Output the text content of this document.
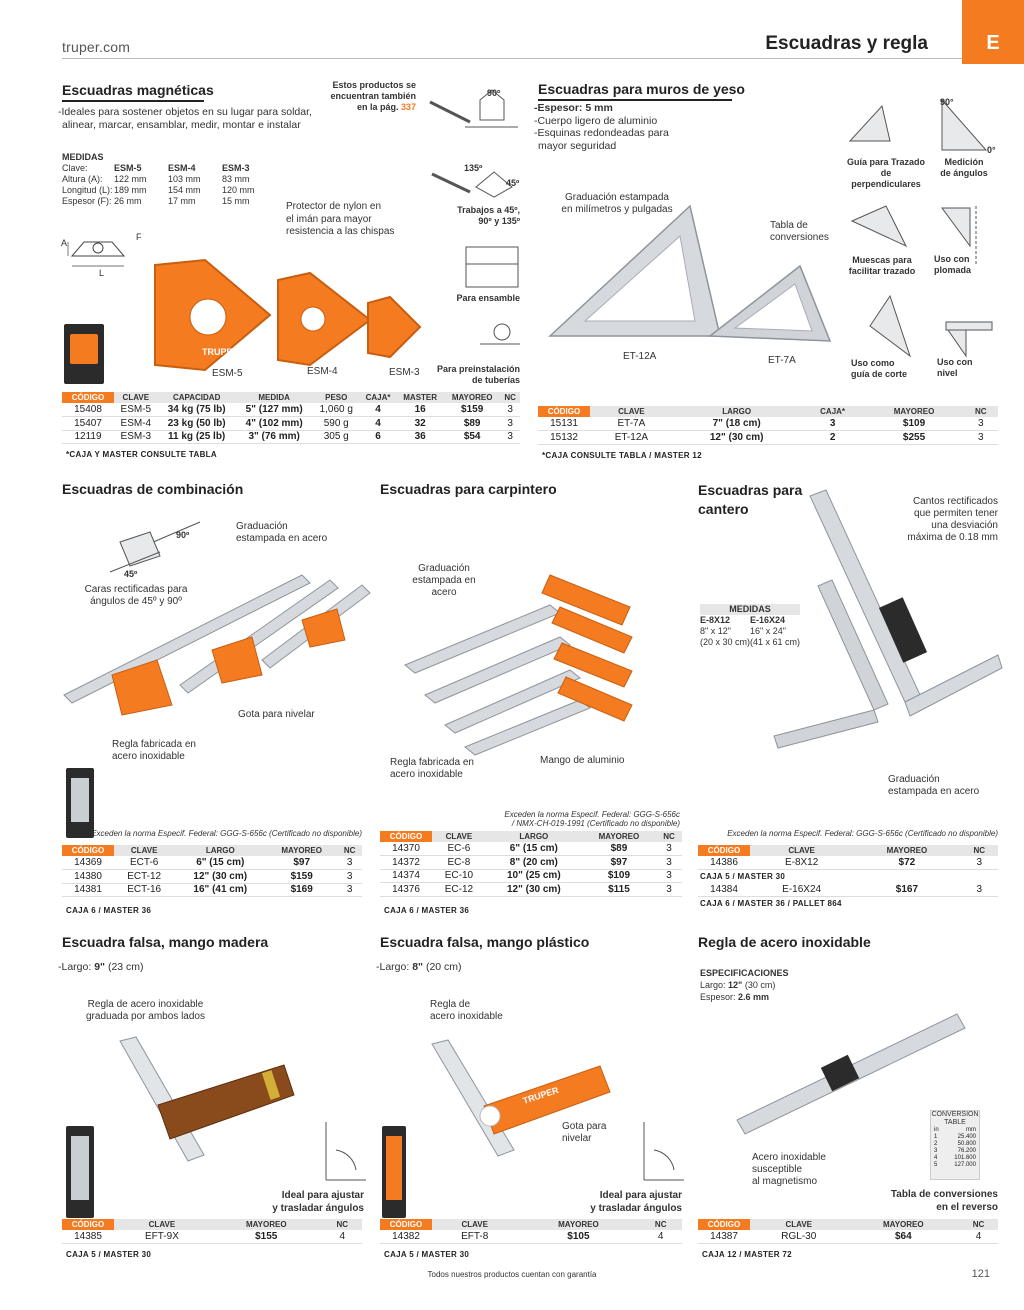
truper.com	Escuadras y regla	E
Escuadras magnéticas
-Ideales para sostener objetos en su lugar para soldar,
alinear, marcar, ensamblar, medir, montar e instalar
Estos productos se
encuentran también
en la pág. 337
MEDIDAS
Clave:	ESM-5	ESM-4	ESM-3
Altura (A):	122 mm	103 mm	83 mm
Longitud (L): 189 mm	154 mm	120 mm
Espesor (F): 26 mm	17 mm	15 mm
A
F
L
TRUPER
ESM-5	ESM-4	ESM-3
Protector de nylon en
el imán para mayor
resistencia a las chispas
90º
135º
45º
Trabajos a 45º,
90º y 135º
Para ensamble
Para preinstalación
de tuberías
CÓDIGO	CLAVE	CAPACIDAD	MEDIDA	PESO	CAJA*	MASTER	MAYOREO	NC
15408	ESM-5	34 kg (75 lb)	5" (127 mm)	1,060 g	4	16	$159	3
15407	ESM-4	23 kg (50 lb)	4" (102 mm)	590 g	4	32	$89	3
12119	ESM-3	11 kg (25 lb)	3" (76 mm)	305 g	6	36	$54	3
*CAJA Y MASTER CONSULTE TABLA
Escuadras para muros de yeso
-Espesor: 5 mm
-Cuerpo ligero de aluminio
-Esquinas redondeadas para
mayor seguridad
Graduación estampada
en milímetros y pulgadas
Tabla de
conversiones
ET-12A	ET-7A
90°
0°
Guía para Trazado
de perpendiculares
Medición
de ángulos
Muescas para
facilitar trazado
Uso con
plomada
Uso como
guía de corte
Uso con
nivel
CÓDIGO	CLAVE	LARGO	CAJA*	MAYOREO	NC
15131	ET-7A	7" (18 cm)	3	$109	3
15132	ET-12A	12" (30 cm)	2	$255	3
*CAJA CONSULTE TABLA / MASTER 12
Escuadras de combinación
Graduación
estampada en acero
90º
45º
Caras rectificadas para
ángulos de 45º y 90º
Gota para nivelar
Regla fabricada en
acero inoxidable
Exceden la norma Especif. Federal: GGG-S-656c (Certificado no disponible)
CÓDIGO	CLAVE	LARGO	MAYOREO	NC
14369	ECT-6	6" (15 cm)	$97	3
14380	ECT-12	12" (30 cm)	$159	3
14381	ECT-16	16" (41 cm)	$169	3
CAJA 6 / MASTER 36
Escuadras para carpintero
Graduación
estampada en
acero
Regla fabricada en
acero inoxidable
Mango de aluminio
Exceden la norma Especif. Federal: GGG-S-656c
/ NMX-CH-019-1991 (Certificado no disponible)
CÓDIGO	CLAVE	LARGO	MAYOREO	NC
14370	EC-6	6" (15 cm)	$89	3
14372	EC-8	8" (20 cm)	$97	3
14374	EC-10	10" (25 cm)	$109	3
14376	EC-12	12" (30 cm)	$115	3
CAJA 6 / MASTER 36
Escuadras para
cantero	Cantos rectificados
que permiten tener
una desviación
máxima de 0.18 mm
MEDIDAS
E-8X12
8" x 12"
(20 x 30 cm)
E-16X24
16" x 24"
(41 x 61 cm)
Graduación
estampada en acero
Exceden la norma Especif. Federal: GGG-S-656c (Certificado no disponible)
CÓDIGO	CLAVE	MAYOREO	NC
14386	E-8X12	$72	3
CAJA 5 / MASTER 30			
14384	E-16X24	$167	3
CAJA 6 / MASTER 36 / PALLET 864			
Escuadra falsa, mango madera
-Largo: 9" (23 cm)
Regla de acero inoxidable
graduada por ambos lados
Ideal para ajustar
y trasladar ángulos
CÓDIGO	CLAVE	MAYOREO	NC
14385	EFT-9X	$155	4
CAJA 5 / MASTER 30
Escuadra falsa, mango plástico
-Largo: 8" (20 cm)
Regla de
acero inoxidable
TRUPER
Gota para
nivelar
Ideal para ajustar
y trasladar ángulos
CÓDIGO	CLAVE	MAYOREO	NC
14382	EFT-8	$105	4
CAJA 5 / MASTER 30
Regla de acero inoxidable
ESPECIFICACIONES
Largo: 12" (30 cm)
Espesor: 2.6 mm
CONVERSION
TABLE
in	mm
1	25.400
2	50.800
3	76.200
4	101.600
5	127.000
Acero inoxidable
susceptible
al magnetismo
Tabla de conversiones
en el reverso
CÓDIGO	CLAVE	MAYOREO	NC
14387	RGL-30	$64	4
CAJA 12 / MASTER 72
Todos nuestros productos cuentan con garantía	121
